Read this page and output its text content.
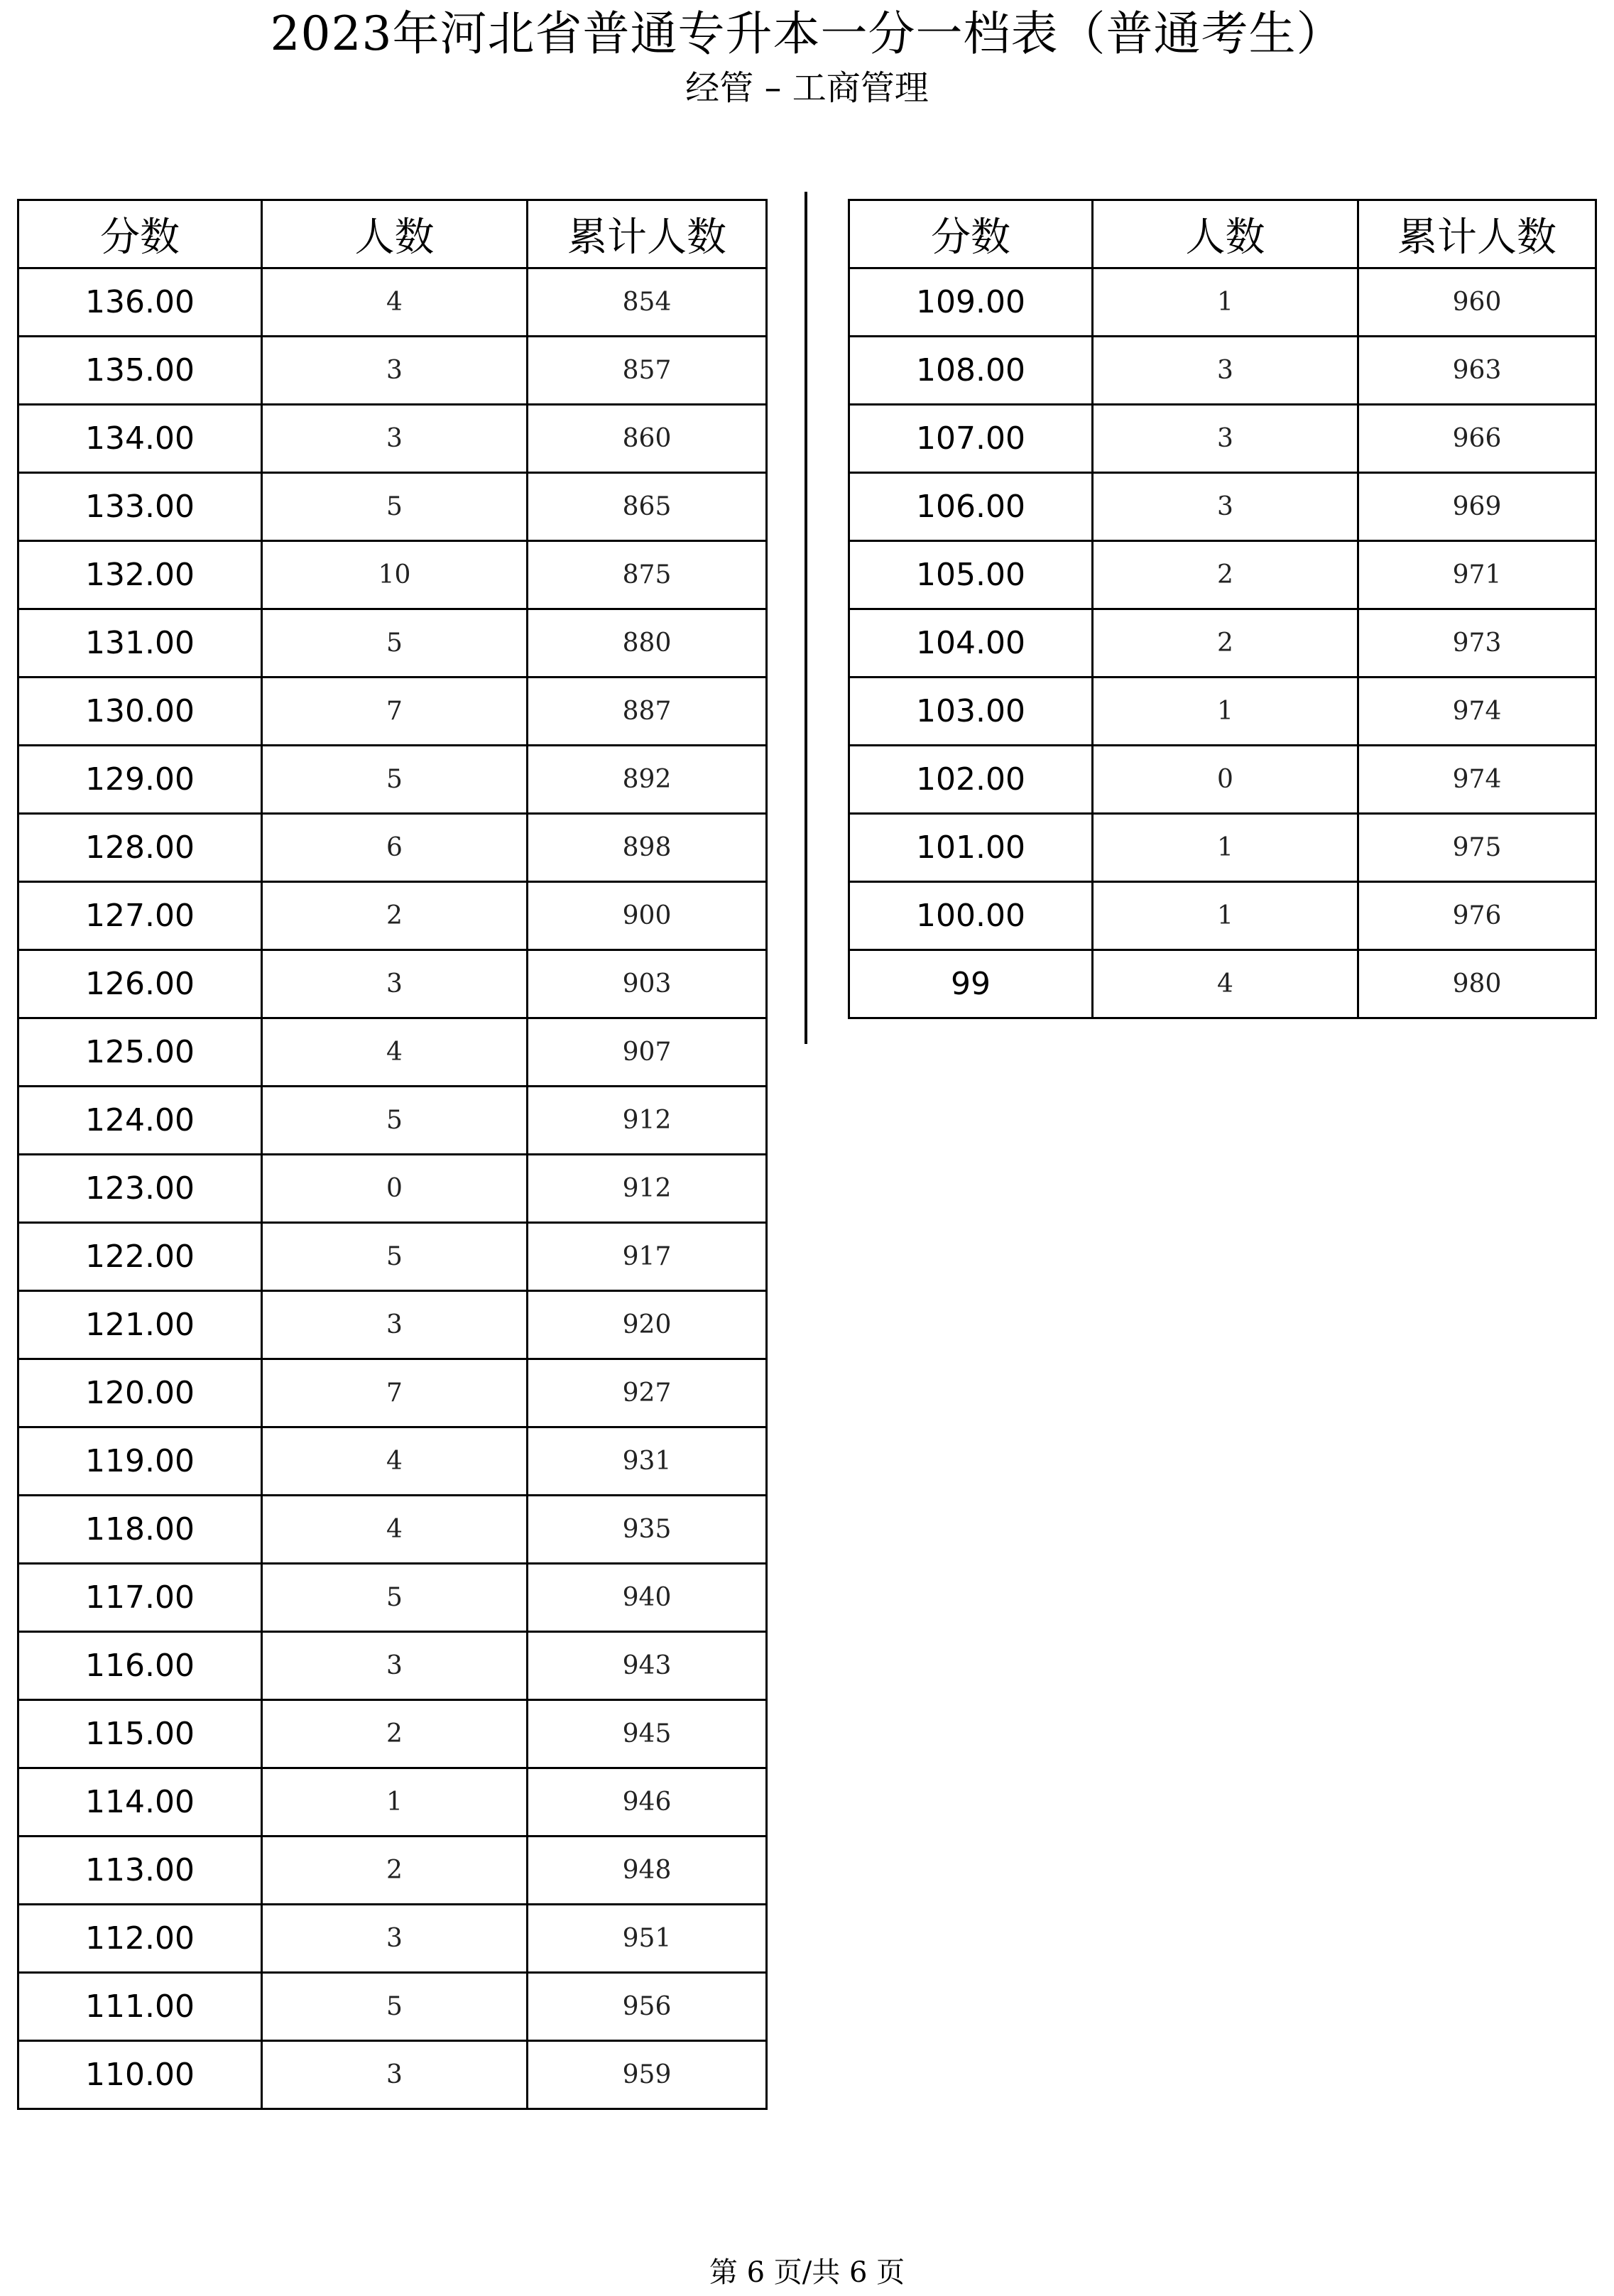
2023年河北省普通专升本一分一档表（普通考生）
经管 – 工商管理
分数	人数	累计人数
136.00	4	854
135.00	3	857
134.00	3	860
133.00	5	865
132.00	10	875
131.00	5	880
130.00	7	887
129.00	5	892
128.00	6	898
127.00	2	900
126.00	3	903
125.00	4	907
124.00	5	912
123.00	0	912
122.00	5	917
121.00	3	920
120.00	7	927
119.00	4	931
118.00	4	935
117.00	5	940
116.00	3	943
115.00	2	945
114.00	1	946
113.00	2	948
112.00	3	951
111.00	5	956
110.00	3	959
分数	人数	累计人数
109.00	1	960
108.00	3	963
107.00	3	966
106.00	3	969
105.00	2	971
104.00	2	973
103.00	1	974
102.00	0	974
101.00	1	975
100.00	1	976
99	4	980
第 6 页/共 6 页
